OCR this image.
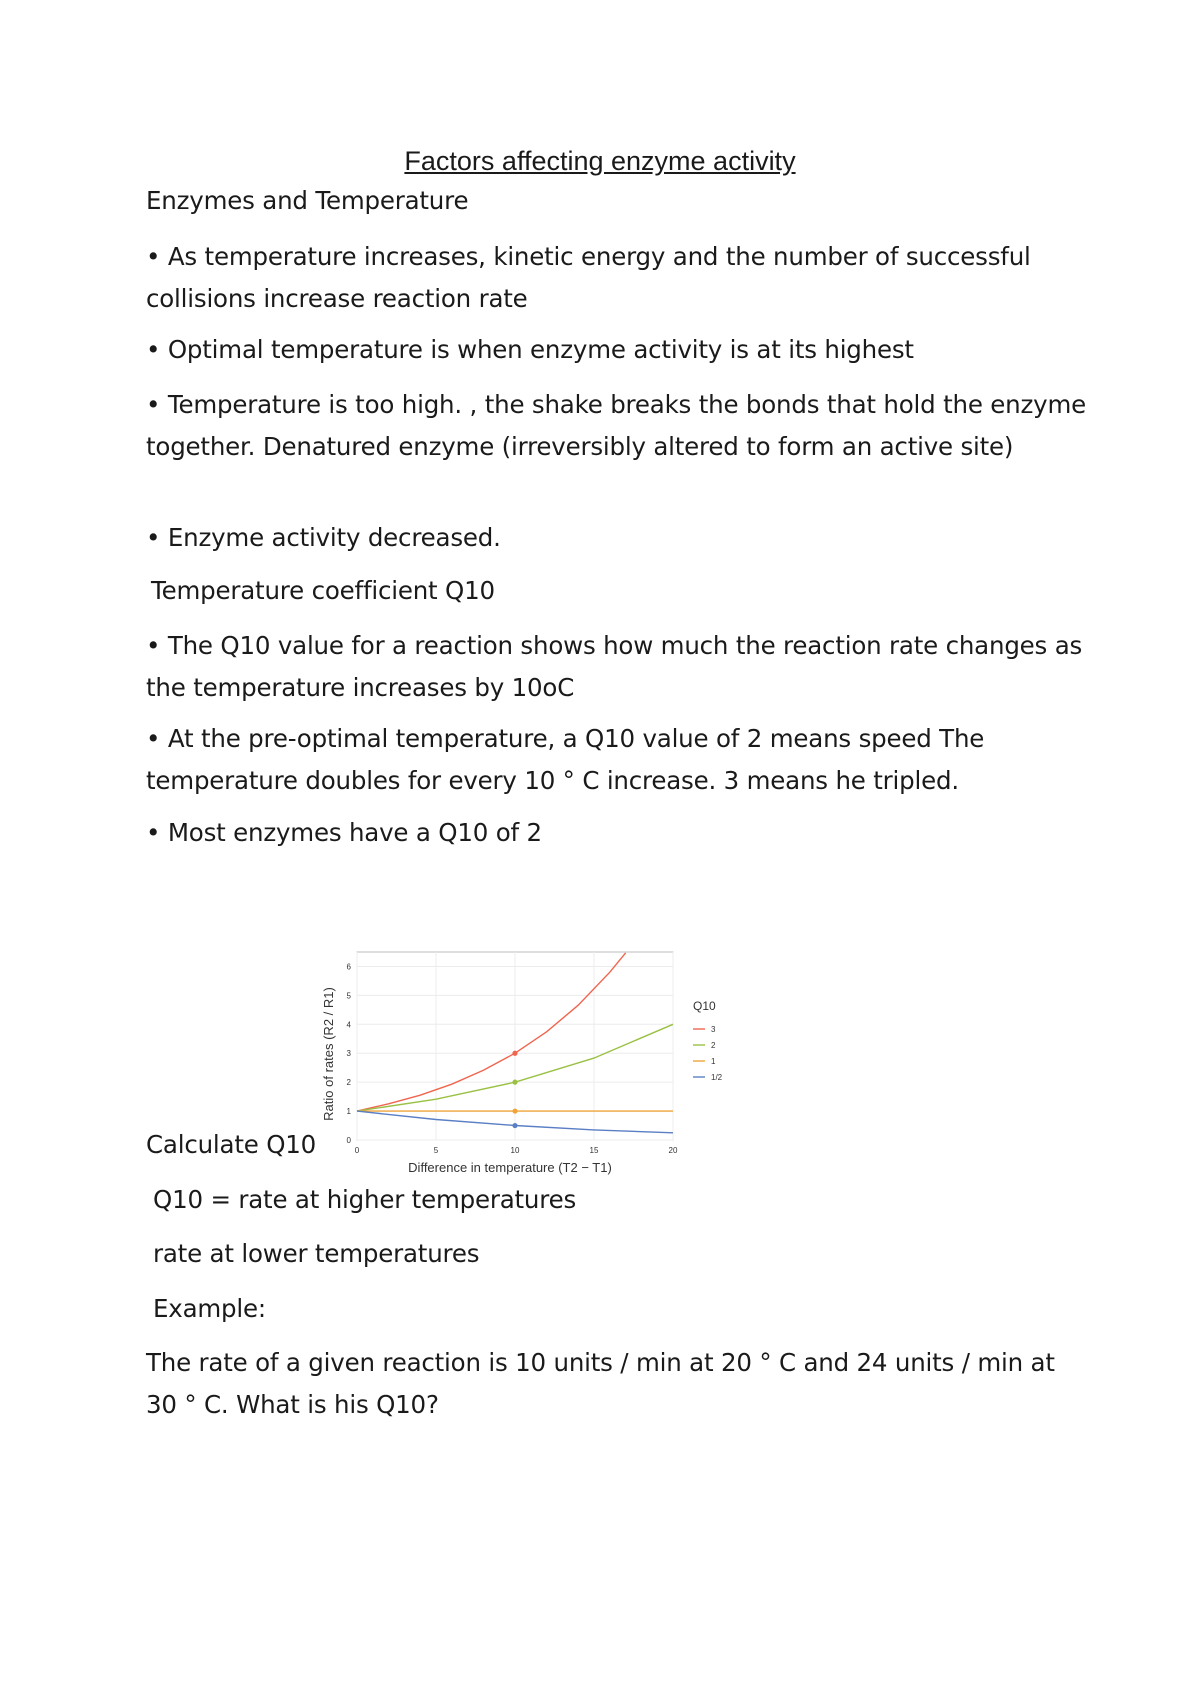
Factors affecting enzyme activity
Enzymes and Temperature
• As temperature increases, kinetic energy and the number of successful collisions increase reaction rate
• Optimal temperature is when enzyme activity is at its highest
• Temperature is too high. , the shake breaks the bonds that hold the enzyme together. Denatured enzyme (irreversibly altered to form an active site)
• Enzyme activity decreased.
Temperature coefficient Q10
• The Q10 value for a reaction shows how much the reaction rate changes as the temperature increases by 10oC
• At the pre-optimal temperature, a Q10 value of 2 means speed The temperature doubles for every 10 ° C increase. 3 means he tripled.
• Most enzymes have a Q10 of 2
0
1
2
3
4
5
6
0	5	10	15	20
Difference in temperature (T2 − T1)
Ratio of rates (R2 / R1)	Q10
3
2
1
1/2
Calculate Q10
Q10 = rate at higher temperatures
rate at lower temperatures
Example:
The rate of a given reaction is 10 units / min at 20 ° C and 24 units / min at 30 ° C. What is his Q10?
